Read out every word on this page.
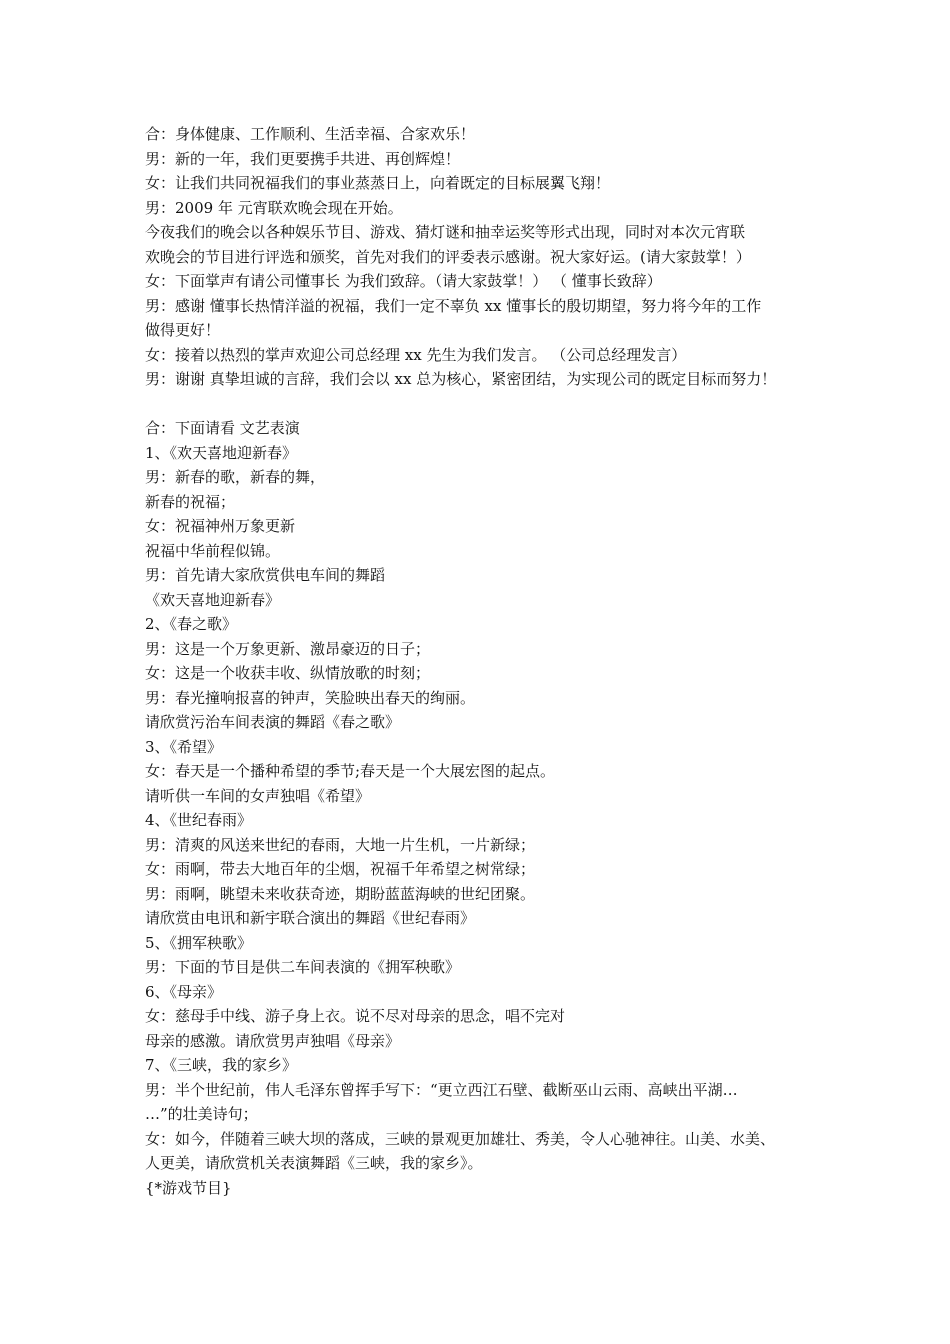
合：身体健康、工作顺利、生活幸福、合家欢乐！
男：新的一年，我们更要携手共进、再创辉煌！
女：让我们共同祝福我们的事业蒸蒸日上，向着既定的目标展翼飞翔！
男：2009 年 元宵联欢晚会现在开始。
今夜我们的晚会以各种娱乐节目、游戏、猜灯谜和抽幸运奖等形式出现，同时对本次元宵联
欢晚会的节目进行评选和颁奖，首先对我们的评委表示感谢。祝大家好运。(请大家鼓掌！）
女：下面掌声有请公司懂事长 为我们致辞。（请大家鼓掌！） （ 懂事长致辞）
男：感谢 懂事长热情洋溢的祝福，我们一定不辜负 xx 懂事长的殷切期望，努力将今年的工作
做得更好！
女：接着以热烈的掌声欢迎公司总经理 xx 先生为我们发言。 （公司总经理发言）
男：谢谢 真挚坦诚的言辞，我们会以 xx 总为核心，紧密团结，为实现公司的既定目标而努力！
合：下面请看 文艺表演
1、《欢天喜地迎新春》
男：新春的歌，新春的舞，
新春的祝福；
女：祝福神州万象更新
祝福中华前程似锦。
男：首先请大家欣赏供电车间的舞蹈
《欢天喜地迎新春》
2、《春之歌》
男：这是一个万象更新、激昂豪迈的日子；
女：这是一个收获丰收、纵情放歌的时刻；
男：春光撞响报喜的钟声，笑脸映出春天的绚丽。
请欣赏污治车间表演的舞蹈《春之歌》
3、《希望》
女：春天是一个播种希望的季节;春天是一个大展宏图的起点。
请听供一车间的女声独唱《希望》
4、《世纪春雨》
男：清爽的风送来世纪的春雨，大地一片生机，一片新绿；
女：雨啊，带去大地百年的尘烟，祝福千年希望之树常绿；
男：雨啊，眺望未来收获奇迹，期盼蓝蓝海峡的世纪团聚。
请欣赏由电讯和新宇联合演出的舞蹈《世纪春雨》
5、《拥军秧歌》
男：下面的节目是供二车间表演的《拥军秧歌》
6、《母亲》
女：慈母手中线、游子身上衣。说不尽对母亲的思念，唱不完对
母亲的感激。请欣赏男声独唱《母亲》
7、《三峡，我的家乡》
男：半个世纪前，伟人毛泽东曾挥手写下：“更立西江石壁、截断巫山云雨、高峡出平湖…
…”的壮美诗句；
女：如今，伴随着三峡大坝的落成，三峡的景观更加雄壮、秀美，令人心驰神往。山美、水美、
人更美，请欣赏机关表演舞蹈《三峡，我的家乡》。
{*游戏节目}
